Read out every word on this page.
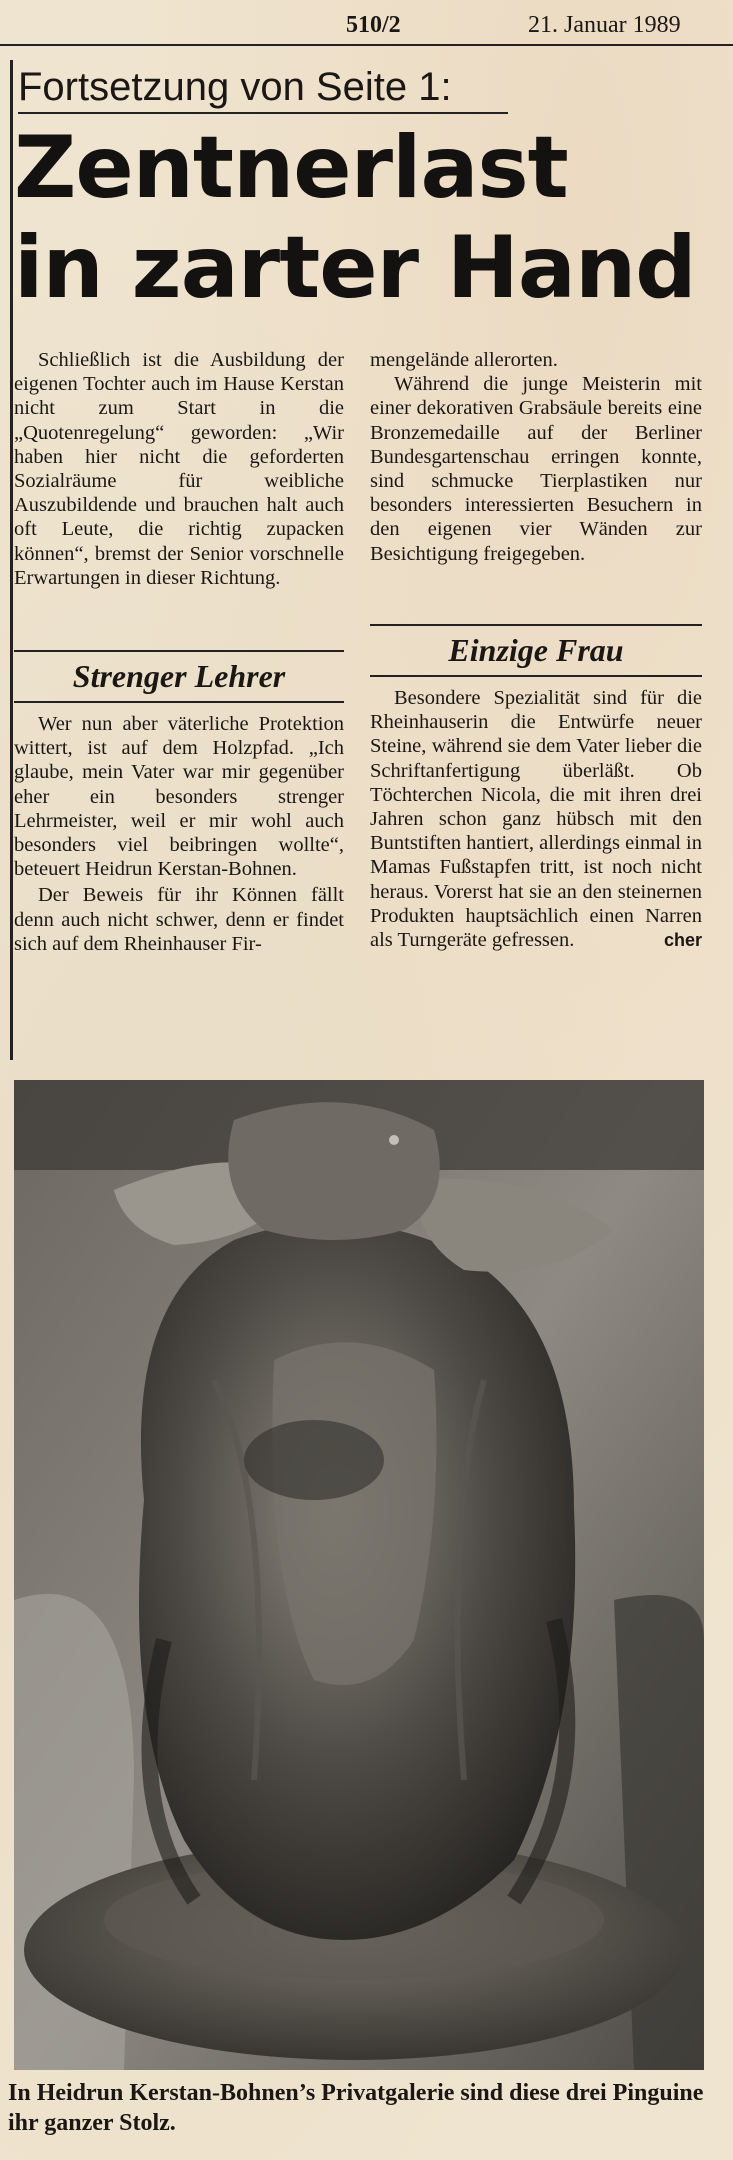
510/2	21. Januar 1989
Fortsetzung von Seite 1:
Zentnerlast
in zarter Hand

Schließlich ist die Ausbildung der eigenen Tochter auch im Hause Kerstan nicht zum Start in die „Quotenregelung“ geworden: „Wir haben hier nicht die geforderten Sozialräume für weibliche Auszubildende und brauchen halt auch oft Leute, die richtig zupacken können“, bremst der Senior vorschnelle Erwartungen in dieser Richtung.

Strenger Lehrer

Wer nun aber väterliche Protektion wittert, ist auf dem Holzpfad. „Ich glaube, mein Vater war mir gegenüber eher ein besonders strenger Lehrmeister, weil er mir wohl auch besonders viel beibringen wollte“, beteuert Heidrun Kerstan-Bohnen.

Der Beweis für ihr Können fällt denn auch nicht schwer, denn er findet sich auf dem Rheinhauser Fir-

mengelände allerorten.

Während die junge Meisterin mit einer dekorativen Grabsäule bereits eine Bronzemedaille auf der Berliner Bundesgartenschau erringen konnte, sind schmucke Tierplastiken nur besonders interessierten Besuchern in den eigenen vier Wänden zur Besichtigung freigegeben.

Einzige Frau

Besondere Spezialität sind für die Rheinhauserin die Entwürfe neuer Steine, während sie dem Vater lieber die Schriftanfertigung überläßt. Ob Töchterchen Nicola, die mit ihren drei Jahren schon ganz hübsch mit den Buntstiften hantiert, allerdings einmal in Mamas Fußstapfen tritt, ist noch nicht heraus. Vorerst hat sie an den steinernen Produkten hauptsächlich einen Narren als Turngeräte gefressen.	cher

In Heidrun Kerstan-Bohnen’s Privatgalerie sind diese drei Pinguine ihr ganzer Stolz.
